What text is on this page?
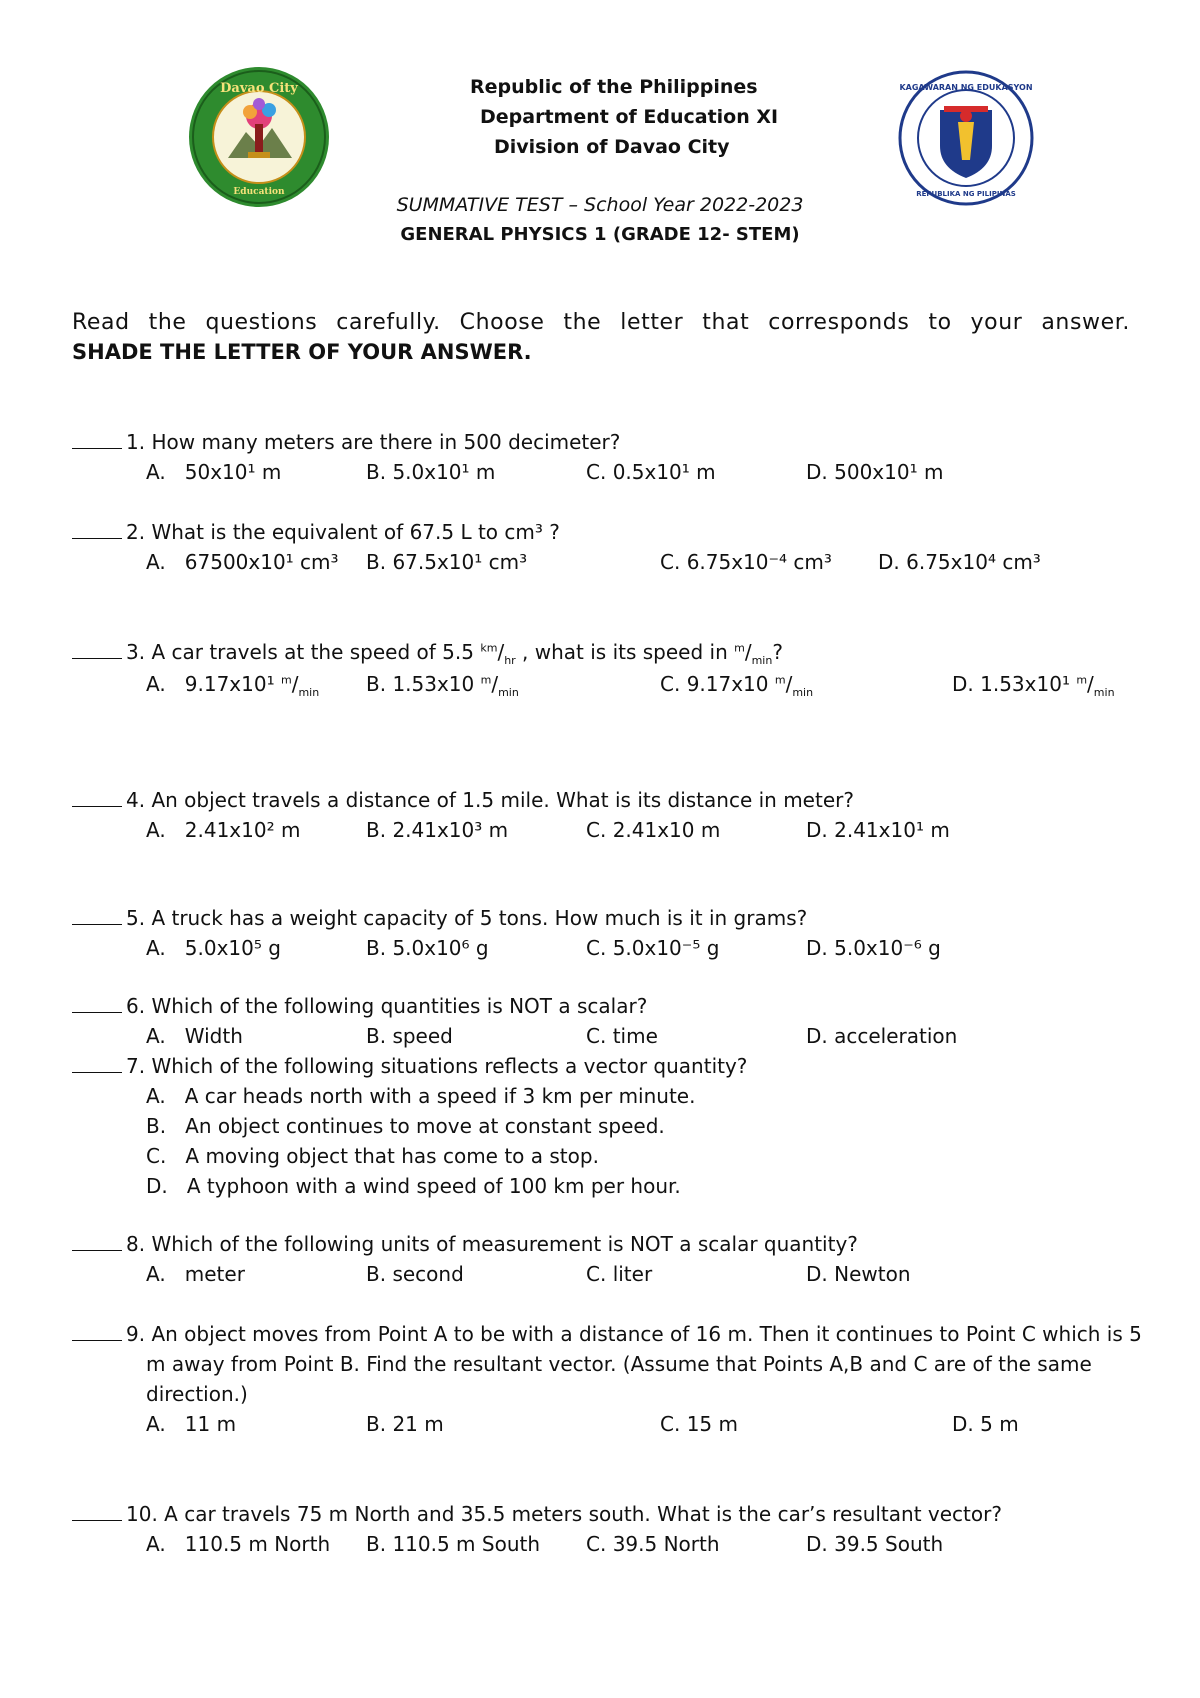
Davao City
Education
KAGAWARAN NG EDUKASYON
REPUBLIKA NG PILIPINAS
Republic of the Philippines
Department of Education XI
Division of Davao City
SUMMATIVE TEST – School Year 2022-2023
GENERAL PHYSICS 1 (GRADE 12- STEM)
Read the questions carefully. Choose the letter that corresponds to your answer.
SHADE THE LETTER OF YOUR ANSWER.
1. How many meters are there in 500 decimeter?
A. 50x10¹ m	B. 5.0x10¹ m	C. 0.5x10¹ m	D. 500x10¹ m
2. What is the equivalent of 67.5 L to cm³ ?
A. 67500x10¹ cm³ B. 67.5x10¹ cm³	C. 6.75x10⁻⁴ cm³ D. 6.75x10⁴ cm³
3. A car travels at the speed of 5.5 $^{km}/_{hr}$ , what is its speed in $^m/_{min}$?
A. 9.17x10¹ $^m/_{min}$ B. 1.53x10 $^m/_{min}$	C. 9.17x10 $^m/_{min}$	D. 1.53x10¹ $^m/_{min}$
4. An object travels a distance of 1.5 mile. What is its distance in meter?
A. 2.41x10² m	B. 2.41x10³ m	C. 2.41x10 m	D. 2.41x10¹ m
5. A truck has a weight capacity of 5 tons. How much is it in grams?
A. 5.0x10⁵ g	B. 5.0x10⁶ g	C. 5.0x10⁻⁵ g	D. 5.0x10⁻⁶ g
6. Which of the following quantities is NOT a scalar?
A. Width	B. speed	C. time	D. acceleration
7. Which of the following situations reflects a vector quantity?
A. A car heads north with a speed if 3 km per minute.
B. An object continues to move at constant speed.
C. A moving object that has come to a stop.
D. A typhoon with a wind speed of 100 km per hour.
8. Which of the following units of measurement is NOT a scalar quantity?
A. meter	B. second	C. liter	D. Newton
9. An object moves from Point A to be with a distance of 16 m. Then it continues to Point C which is 5
m away from Point B. Find the resultant vector. (Assume that Points A,B and C are of the same
direction.)
A. 11 m	B. 21 m	C. 15 m	D. 5 m
10. A car travels 75 m North and 35.5 meters south. What is the car’s resultant vector?
A. 110.5 m North B. 110.5 m South C. 39.5 North	D. 39.5 South
